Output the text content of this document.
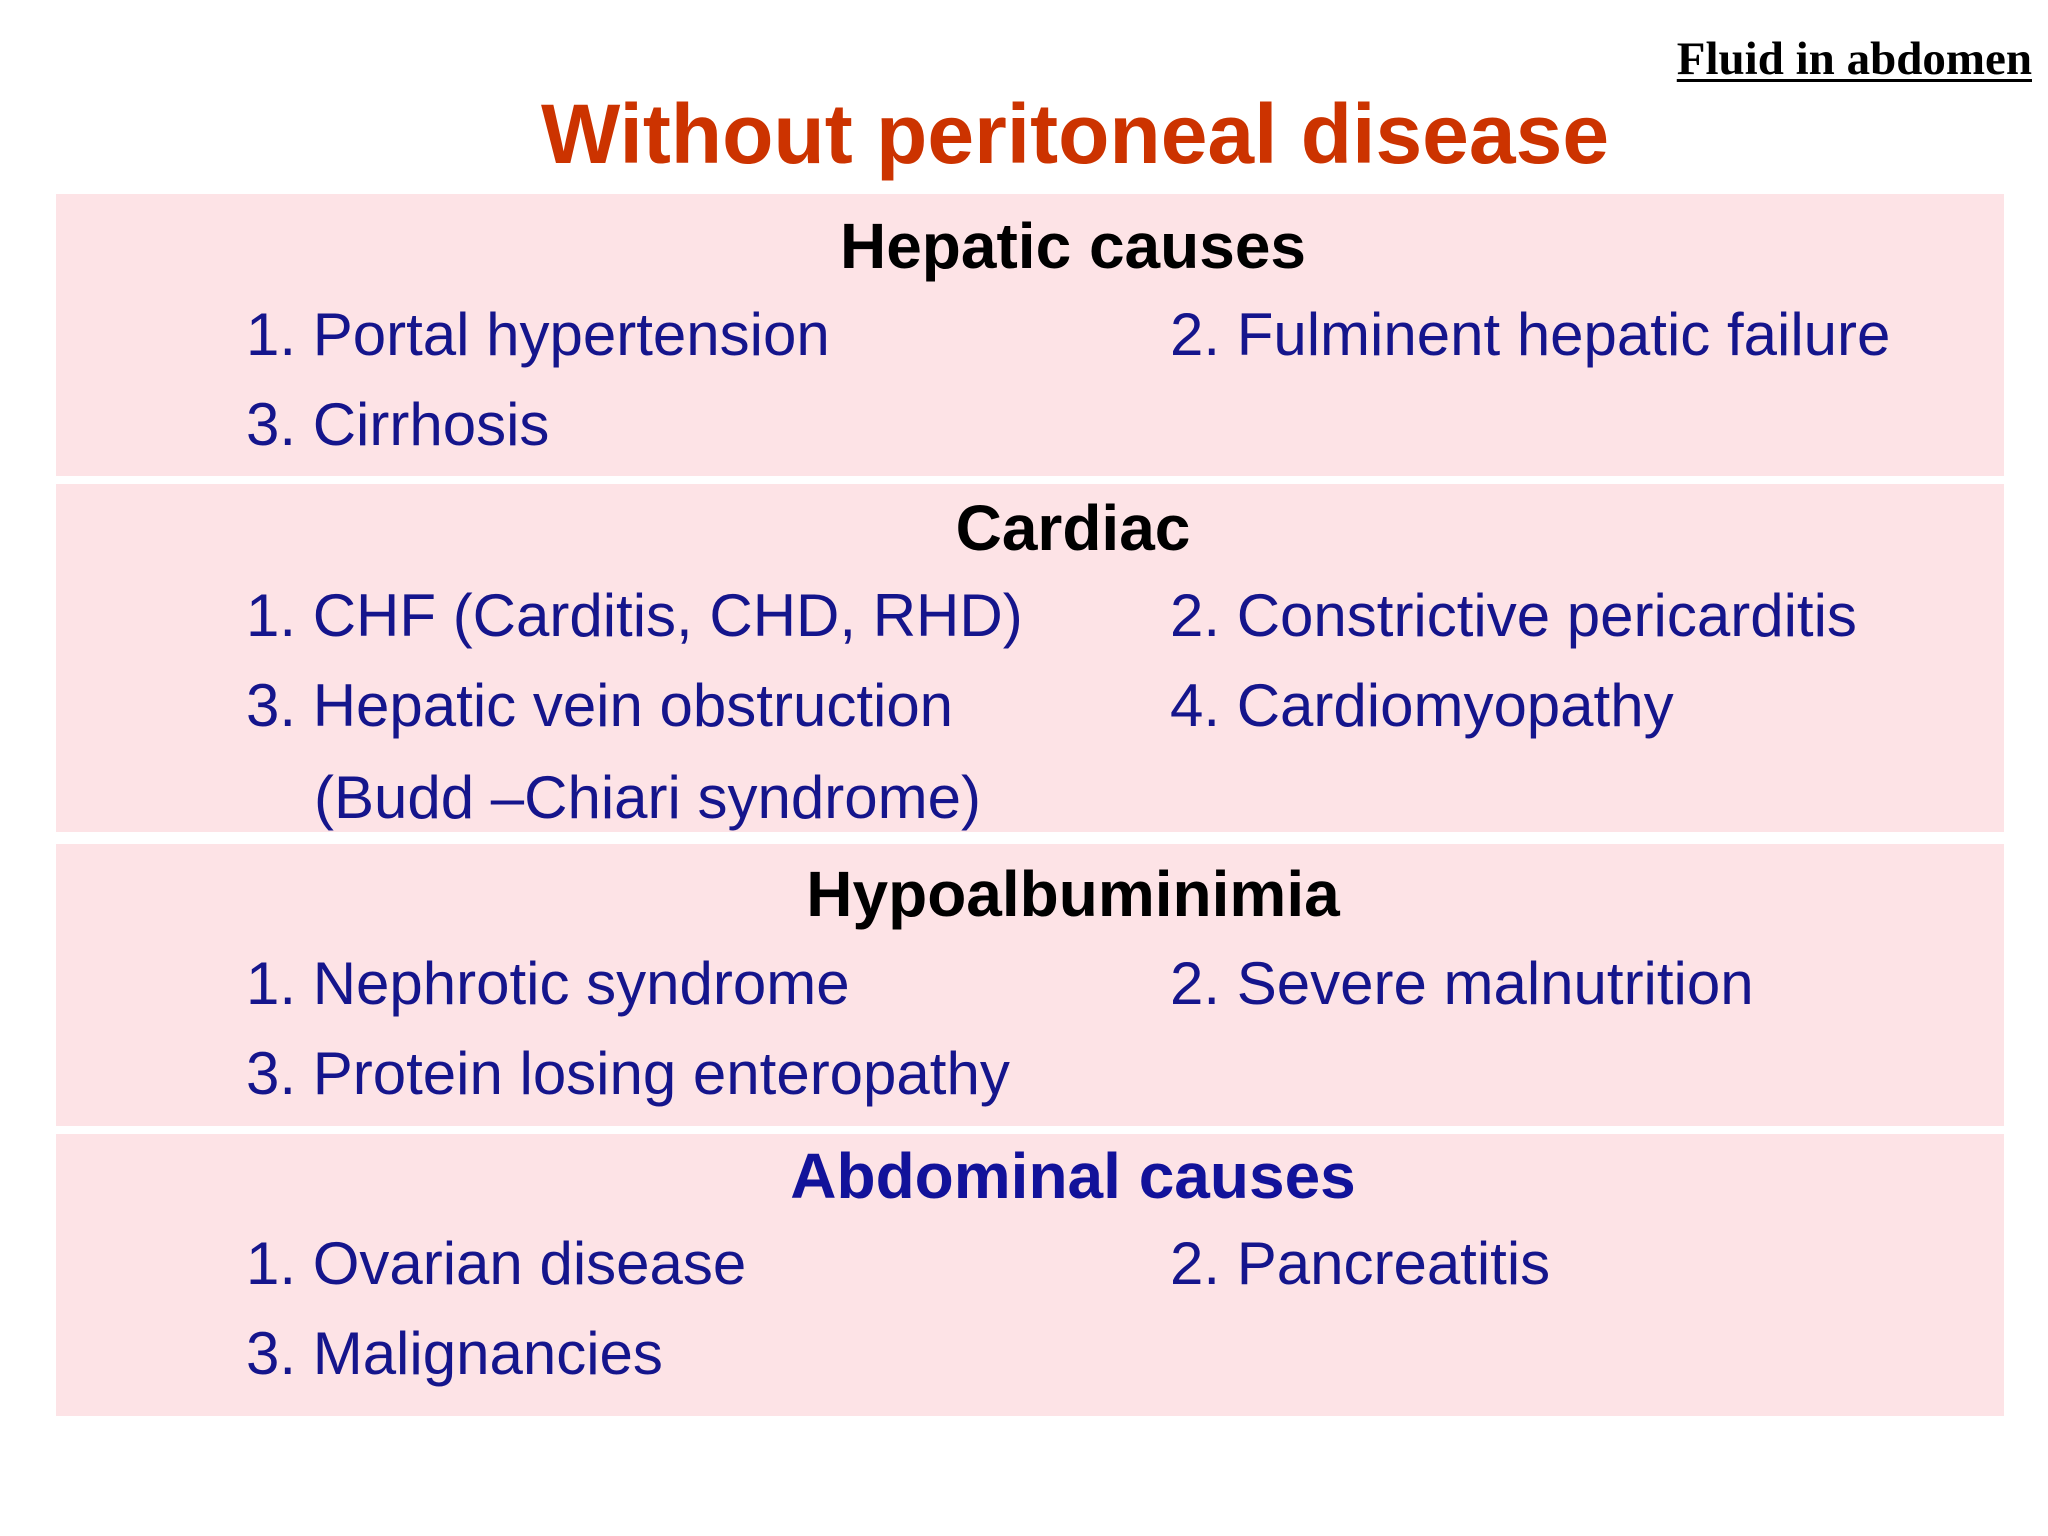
Fluid in abdomen
Without peritoneal disease
Hepatic causes
1. Portal hypertension	2. Fulminent hepatic failure
3. Cirrhosis
Cardiac
1. CHF (Carditis, CHD, RHD) 2. Constrictive pericarditis
3. Hepatic vein obstruction	4. Cardiomyopathy
(Budd –Chiari syndrome)
Hypoalbuminimia
1. Nephrotic syndrome	2. Severe malnutrition
3. Protein losing enteropathy
Abdominal causes
1. Ovarian disease	2. Pancreatitis
3. Malignancies
